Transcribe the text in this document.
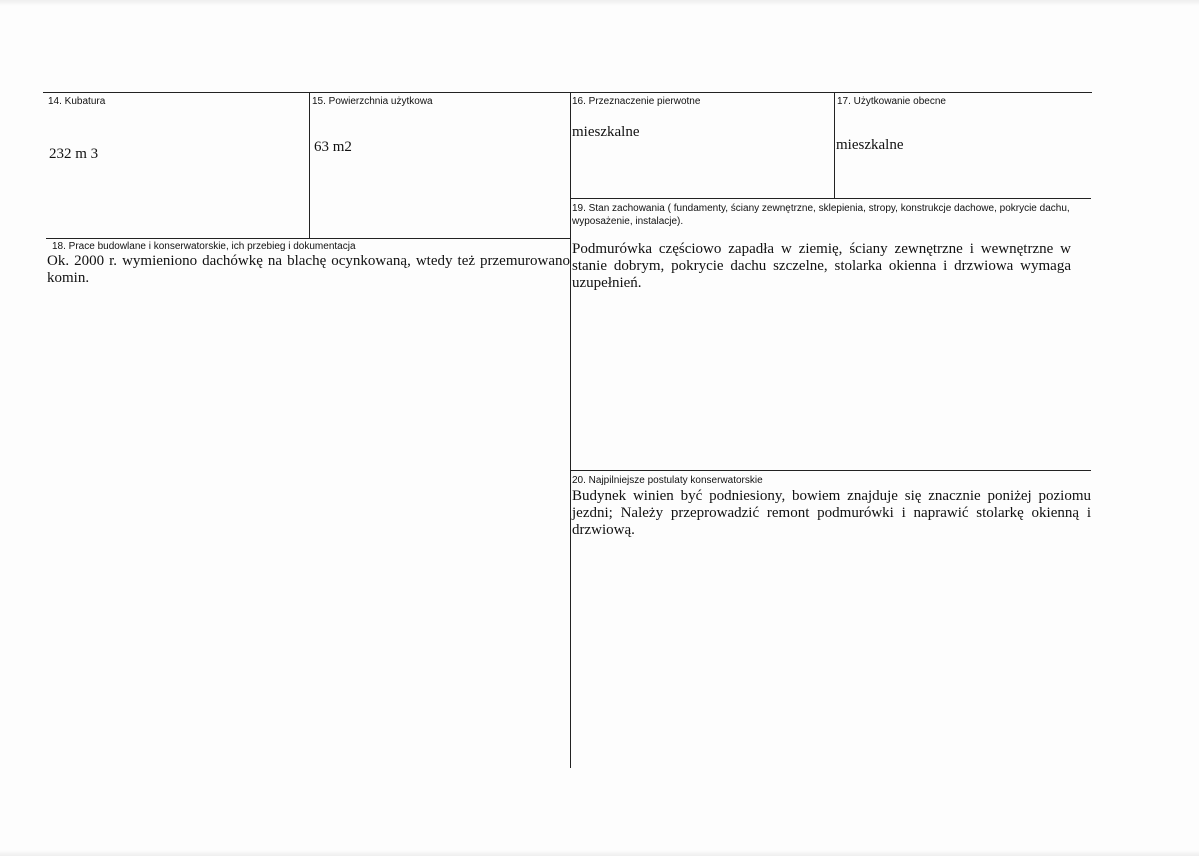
14. Kubatura
232 m 3
15. Powierzchnia użytkowa
63 m2
16. Przeznaczenie pierwotne
mieszkalne
17. Użytkowanie obecne
mieszkalne
19. Stan zachowania ( fundamenty, ściany zewnętrzne, sklepienia, stropy, konstrukcje dachowe, pokrycie dachu, wyposażenie, instalacje).
Podmurówka częściowo zapadła w ziemię, ściany zewnętrzne i wewnętrzne w stanie dobrym, pokrycie dachu szczelne, stolarka okienna i drzwiowa wymaga uzupełnień.
18. Prace budowlane i konserwatorskie, ich przebieg i dokumentacja
Ok. 2000 r. wymieniono dachówkę na blachę ocynkowaną, wtedy też przemurowano komin.
20. Najpilniejsze postulaty konserwatorskie
Budynek winien być podniesiony, bowiem znajduje się znacznie poniżej poziomu jezdni; Należy przeprowadzić remont podmurówki i naprawić stolarkę okienną i drzwiową.
